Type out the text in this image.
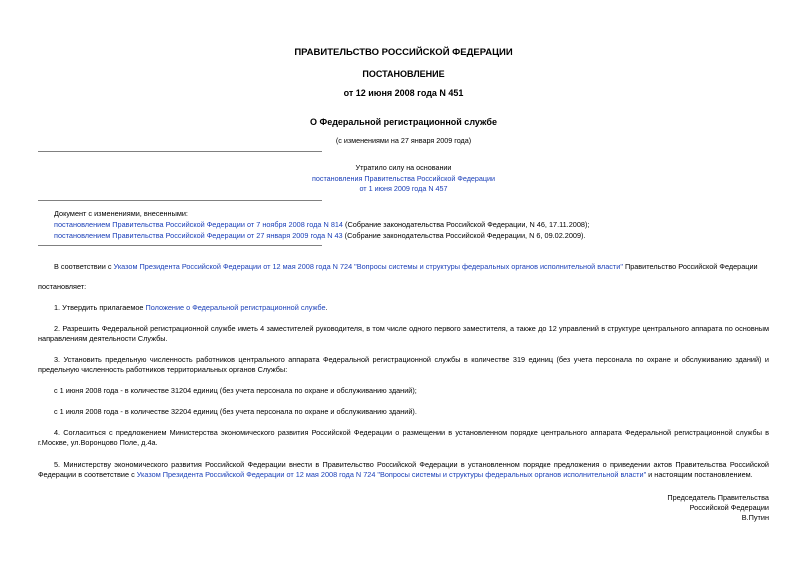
ПРАВИТЕЛЬСТВО РОССИЙСКОЙ ФЕДЕРАЦИИ
ПОСТАНОВЛЕНИЕ
от 12 июня 2008 года N 451
О Федеральной регистрационной службе
(с изменениями на 27 января 2009 года)
Утратило силу на основании
постановления Правительства Российской Федерации
от 1 июня 2009 года N 457
Документ с изменениями, внесенными:
постановлением Правительства Российской Федерации от 7 ноября 2008 года N 814 (Собрание законодательства Российской Федерации, N 46, 17.11.2008);
постановлением Правительства Российской Федерации от 27 января 2009 года N 43 (Собрание законодательства Российской Федерации, N 6, 09.02.2009).
В соответствии с Указом Президента Российской Федерации от 12 мая 2008 года N 724 "Вопросы системы и структуры федеральных органов исполнительной власти" Правительство Российской Федерации
постановляет:
1. Утвердить прилагаемое Положение о Федеральной регистрационной службе.
2. Разрешить Федеральной регистрационной службе иметь 4 заместителей руководителя, в том числе одного первого заместителя, а также до 12 управлений в структуре центрального аппарата по основным направлениям деятельности Службы.
3. Установить предельную численность работников центрального аппарата Федеральной регистрационной службы в количестве 319 единиц (без учета персонала по охране и обслуживанию зданий) и предельную численность работников территориальных органов Службы:
с 1 июня 2008 года - в количестве 31204 единиц (без учета персонала по охране и обслуживанию зданий);
с 1 июля 2008 года - в количестве 32204 единиц (без учета персонала по охране и обслуживанию зданий).
4. Согласиться с предложением Министерства экономического развития Российской Федерации о размещении в установленном порядке центрального аппарата Федеральной регистрационной службы в г.Москве, ул.Воронцово Поле, д.4а.
5. Министерству экономического развития Российской Федерации внести в Правительство Российской Федерации в установленном порядке предложения о приведении актов Правительства Российской Федерации в соответствие с Указом Президента Российской Федерации от 12 мая 2008 года N 724 "Вопросы системы и структуры федеральных органов исполнительной власти" и настоящим постановлением.
Председатель Правительства
Российской Федерации
В.Путин
